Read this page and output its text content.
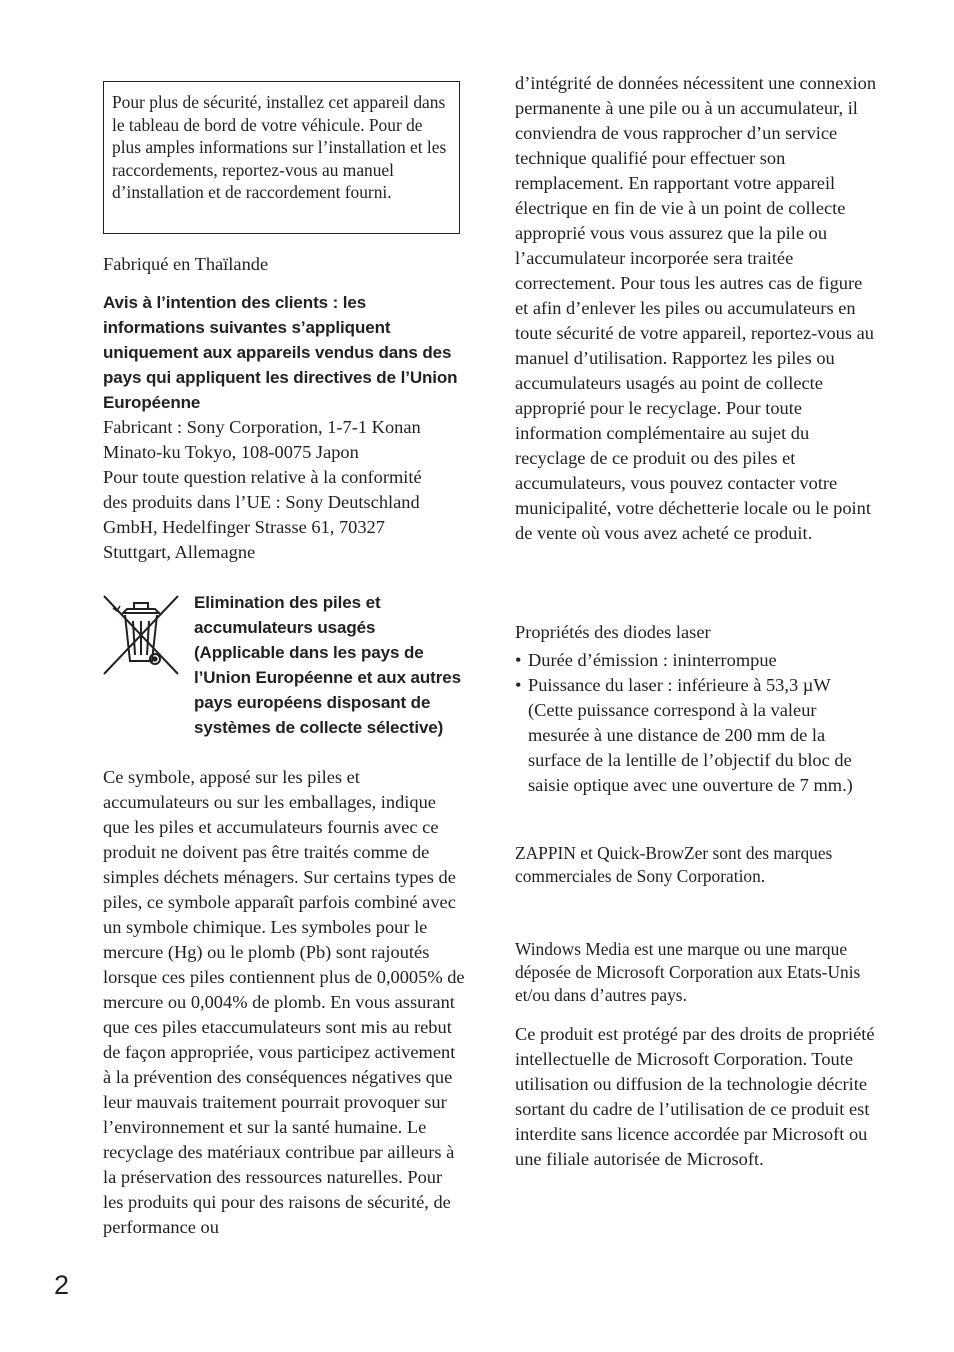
Pour plus de sécurité, installez cet appareil dans le tableau de bord de votre véhicule. Pour de plus amples informations sur l’installation et les raccordements, reportez-vous au manuel d’installation et de raccordement fourni.

Fabriqué en Thaïlande

Avis à l’intention des clients : les informations suivantes s’appliquent uniquement aux appareils vendus dans des pays qui appliquent les directives de l’Union Européenne

Fabricant : Sony Corporation, 1-7-1 Konan
Minato-ku Tokyo, 108-0075 Japon
Pour toute question relative à la conformité
des produits dans l’UE : Sony Deutschland
GmbH, Hedelfinger Strasse 61, 70327
Stuttgart, Allemagne

Elimination des piles et accumulateurs usagés (Applicable dans les pays de l’Union Européenne et aux autres pays européens disposant de systèmes de collecte sélective)

Ce symbole, apposé sur les piles et accumulateurs ou sur les emballages, indique que les piles et accumulateurs fournis avec ce produit ne doivent pas être traités comme de simples déchets ménagers. Sur certains types de piles, ce symbole apparaît parfois combiné avec un symbole chimique. Les symboles pour le mercure (Hg) ou le plomb (Pb) sont rajoutés lorsque ces piles contiennent plus de 0,0005% de mercure ou 0,004% de plomb. En vous assurant que ces piles etaccumulateurs sont mis au rebut de façon appropriée, vous participez activement à la prévention des conséquences négatives que leur mauvais traitement pourrait provoquer sur l’environnement et sur la santé humaine. Le recyclage des matériaux contribue par ailleurs à la préservation des ressources naturelles. Pour les produits qui pour des raisons de sécurité, de performance ou

2

d’intégrité de données nécessitent une connexion permanente à une pile ou à un accumulateur, il conviendra de vous rapprocher d’un service technique qualifié pour effectuer son remplacement. En rapportant votre appareil électrique en fin de vie à un point de collecte approprié vous vous assurez que la pile ou l’accumulateur incorporée sera traitée correctement. Pour tous les autres cas de figure et afin d’enlever les piles ou accumulateurs en toute sécurité de votre appareil, reportez-vous au manuel d’utilisation. Rapportez les piles ou accumulateurs usagés au point de collecte approprié pour le recyclage. Pour toute information complémentaire au sujet du recyclage de ce produit ou des piles et accumulateurs, vous pouvez contacter votre municipalité, votre déchetterie locale ou le point de vente où vous avez acheté ce produit.

Propriétés des diodes laser

• Durée d’émission : ininterrompue
• Puissance du laser : inférieure à 53,3 µW (Cette puissance correspond à la valeur mesurée à une distance de 200 mm de la surface de la lentille de l’objectif du bloc de saisie optique avec une ouverture de 7 mm.)

ZAPPIN et Quick-BrowZer sont des marques commerciales de Sony Corporation.

Windows Media est une marque ou une marque déposée de Microsoft Corporation aux Etats-Unis et/ou dans d’autres pays.

Ce produit est protégé par des droits de propriété intellectuelle de Microsoft Corporation. Toute utilisation ou diffusion de la technologie décrite sortant du cadre de l’utilisation de ce produit est interdite sans licence accordée par Microsoft ou une filiale autorisée de Microsoft.
